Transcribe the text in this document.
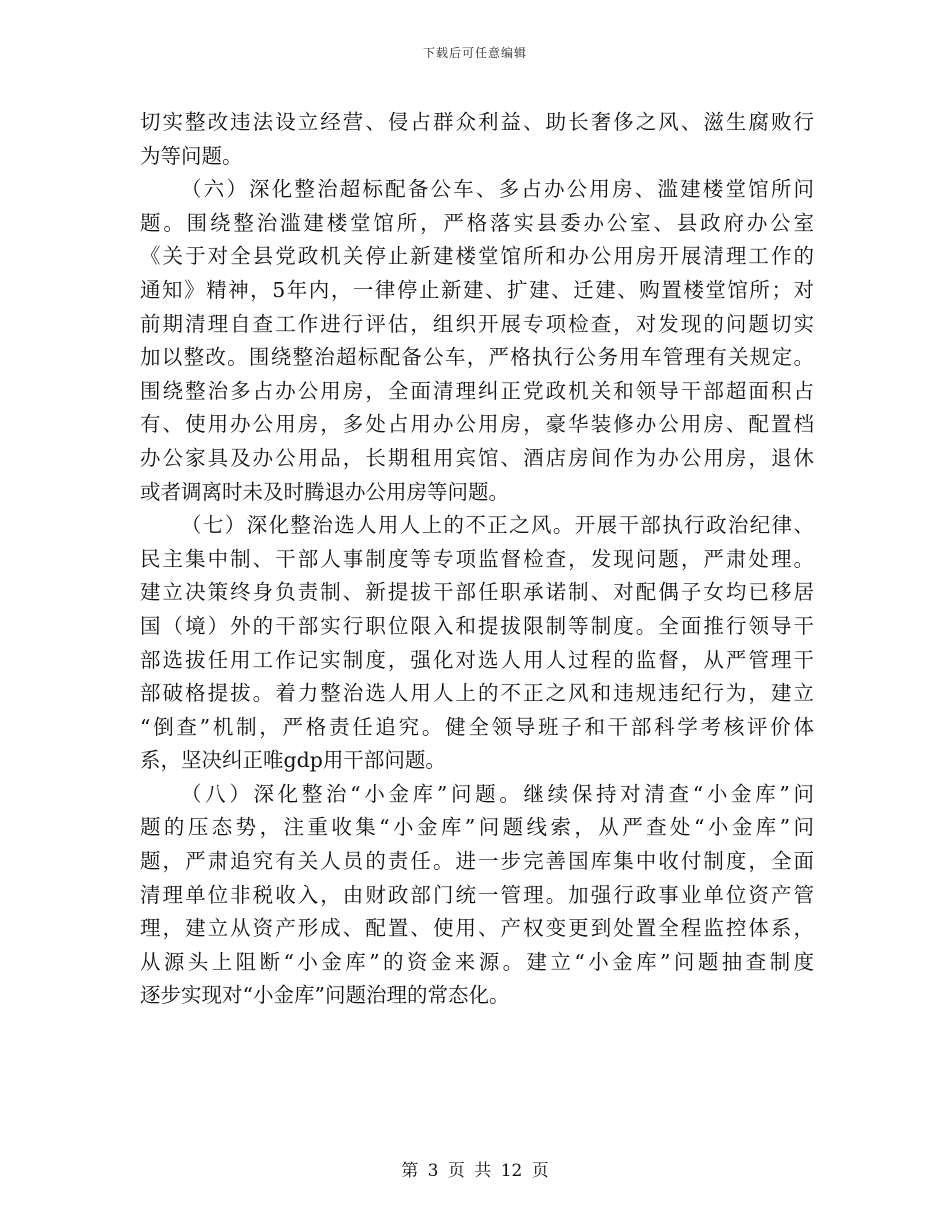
下载后可任意编辑
切实整改违法设立经营、侵占群众利益、助长奢侈之风、滋生腐败行
为等问题。
（六）深化整治超标配备公车、多占办公用房、滥建楼堂馆所问
题。围绕整治滥建楼堂馆所，严格落实县委办公室、县政府办公室
《关于对全县党政机关停止新建楼堂馆所和办公用房开展清理工作的
通知》精神，5年内，一律停止新建、扩建、迁建、购置楼堂馆所；对
前期清理自查工作进行评估，组织开展专项检查，对发现的问题切实
加以整改。围绕整治超标配备公车，严格执行公务用车管理有关规定。
围绕整治多占办公用房，全面清理纠正党政机关和领导干部超面积占
有、使用办公用房，多处占用办公用房，豪华装修办公用房、配置档
办公家具及办公用品，长期租用宾馆、酒店房间作为办公用房，退休
或者调离时未及时腾退办公用房等问题。
（七）深化整治选人用人上的不正之风。开展干部执行政治纪律、
民主集中制、干部人事制度等专项监督检查，发现问题，严肃处理。
建立决策终身负责制、新提拔干部任职承诺制、对配偶子女均已移居
国（境）外的干部实行职位限入和提拔限制等制度。全面推行领导干
部选拔任用工作记实制度，强化对选人用人过程的监督，从严管理干
部破格提拔。着力整治选人用人上的不正之风和违规违纪行为，建立
“倒查”机制，严格责任追究。健全领导班子和干部科学考核评价体
系，坚决纠正唯gdp用干部问题。
（八）深化整治“小金库”问题。继续保持对清查“小金库”问
题的压态势，注重收集“小金库”问题线索，从严查处“小金库”问
题，严肃追究有关人员的责任。进一步完善国库集中收付制度，全面
清理单位非税收入，由财政部门统一管理。加强行政事业单位资产管
理，建立从资产形成、配置、使用、产权变更到处置全程监控体系，
从源头上阻断“小金库”的资金来源。建立“小金库”问题抽查制度
逐步实现对“小金库”问题治理的常态化。
第 3 页 共 12 页
